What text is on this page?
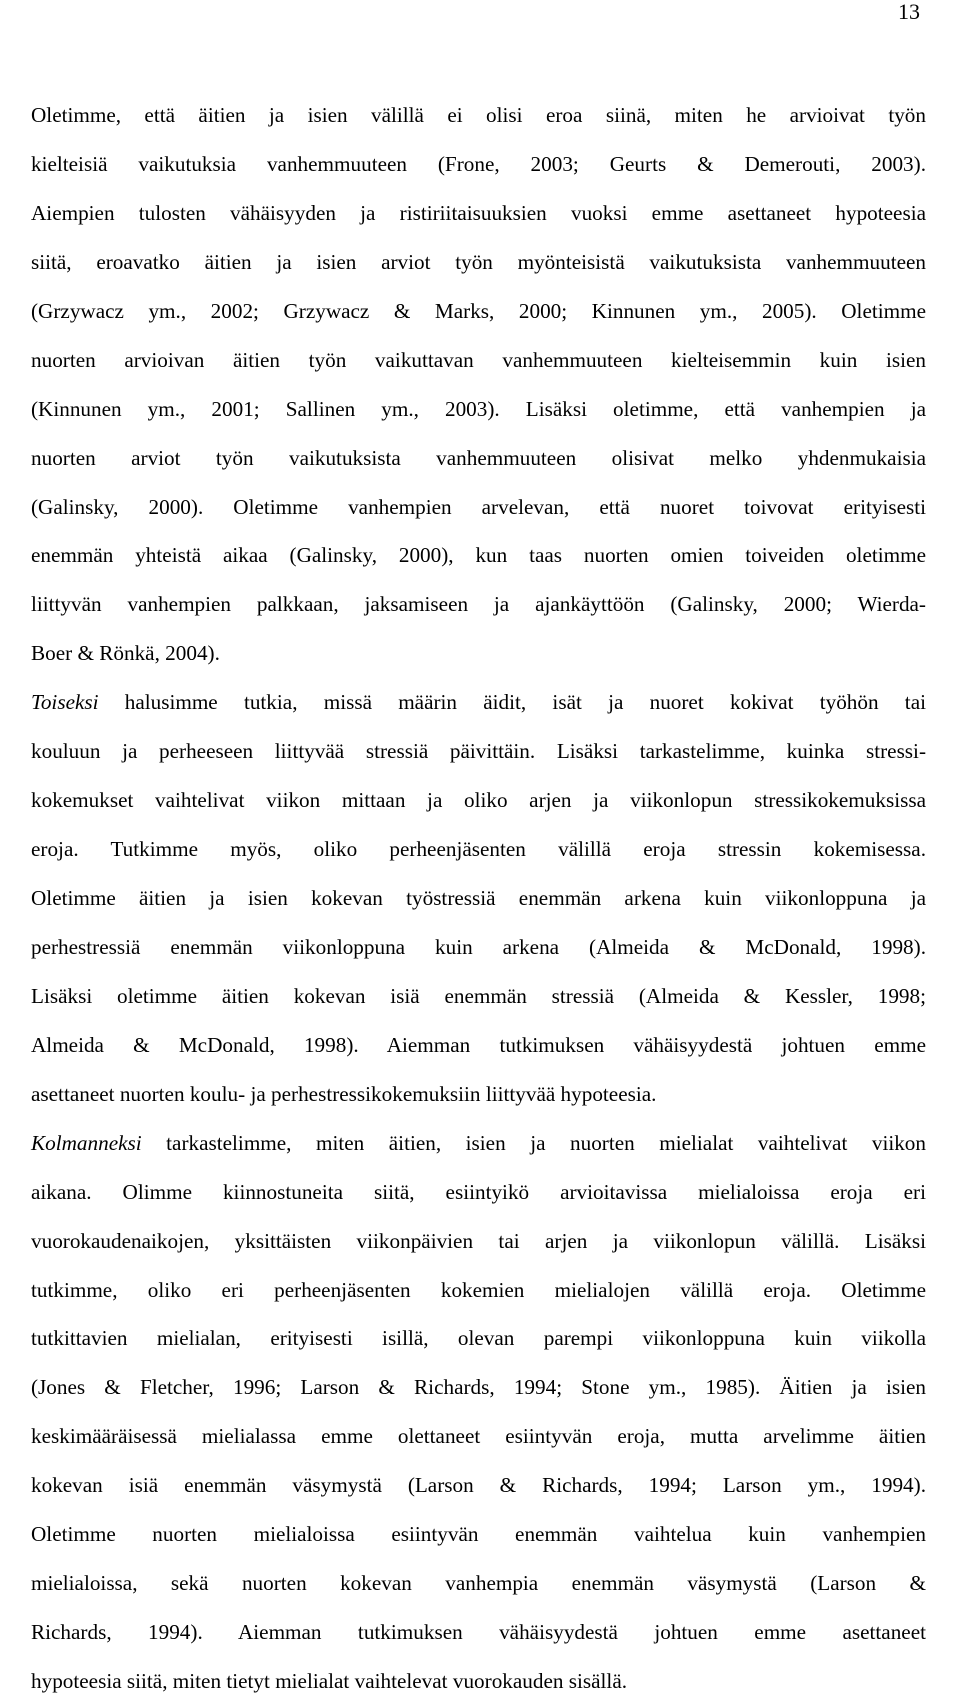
13
Oletimme, että äitien ja isien välillä ei olisi eroa siinä, miten he arvioivat työn
kielteisiä vaikutuksia vanhemmuuteen (Frone, 2003; Geurts & Demerouti, 2003).
Aiempien tulosten vähäisyyden ja ristiriitaisuuksien vuoksi emme asettaneet hypoteesia
siitä, eroavatko äitien ja isien arviot työn myönteisistä vaikutuksista vanhemmuuteen
(Grzywacz ym., 2002; Grzywacz & Marks, 2000; Kinnunen ym., 2005). Oletimme
nuorten arvioivan äitien työn vaikuttavan vanhemmuuteen kielteisemmin kuin isien
(Kinnunen ym., 2001; Sallinen ym., 2003). Lisäksi oletimme, että vanhempien ja
nuorten arviot työn vaikutuksista vanhemmuuteen olisivat melko yhdenmukaisia
(Galinsky, 2000). Oletimme vanhempien arvelevan, että nuoret toivovat erityisesti
enemmän yhteistä aikaa (Galinsky, 2000), kun taas nuorten omien toiveiden oletimme
liittyvän vanhempien palkkaan, jaksamiseen ja ajankäyttöön (Galinsky, 2000; Wierda-
Boer & Rönkä, 2004).
Toiseksi halusimme tutkia, missä määrin äidit, isät ja nuoret kokivat työhön tai
kouluun ja perheeseen liittyvää stressiä päivittäin. Lisäksi tarkastelimme, kuinka stressi-
kokemukset vaihtelivat viikon mittaan ja oliko arjen ja viikonlopun stressikokemuksissa
eroja. Tutkimme myös, oliko perheenjäsenten välillä eroja stressin kokemisessa.
Oletimme äitien ja isien kokevan työstressiä enemmän arkena kuin viikonloppuna ja
perhestressiä enemmän viikonloppuna kuin arkena (Almeida & McDonald, 1998).
Lisäksi oletimme äitien kokevan isiä enemmän stressiä (Almeida & Kessler, 1998;
Almeida & McDonald, 1998). Aiemman tutkimuksen vähäisyydestä johtuen emme
asettaneet nuorten koulu- ja perhestressikokemuksiin liittyvää hypoteesia.
Kolmanneksi tarkastelimme, miten äitien, isien ja nuorten mielialat vaihtelivat viikon
aikana. Olimme kiinnostuneita siitä, esiintyikö arvioitavissa mielialoissa eroja eri
vuorokaudenaikojen, yksittäisten viikonpäivien tai arjen ja viikonlopun välillä. Lisäksi
tutkimme, oliko eri perheenjäsenten kokemien mielialojen välillä eroja. Oletimme
tutkittavien mielialan, erityisesti isillä, olevan parempi viikonloppuna kuin viikolla
(Jones & Fletcher, 1996; Larson & Richards, 1994; Stone ym., 1985). Äitien ja isien
keskimääräisessä mielialassa emme olettaneet esiintyvän eroja, mutta arvelimme äitien
kokevan isiä enemmän väsymystä (Larson & Richards, 1994; Larson ym., 1994).
Oletimme nuorten mielialoissa esiintyvän enemmän vaihtelua kuin vanhempien
mielialoissa, sekä nuorten kokevan vanhempia enemmän väsymystä (Larson &
Richards, 1994). Aiemman tutkimuksen vähäisyydestä johtuen emme asettaneet
hypoteesia siitä, miten tietyt mielialat vaihtelevat vuorokauden sisällä.
